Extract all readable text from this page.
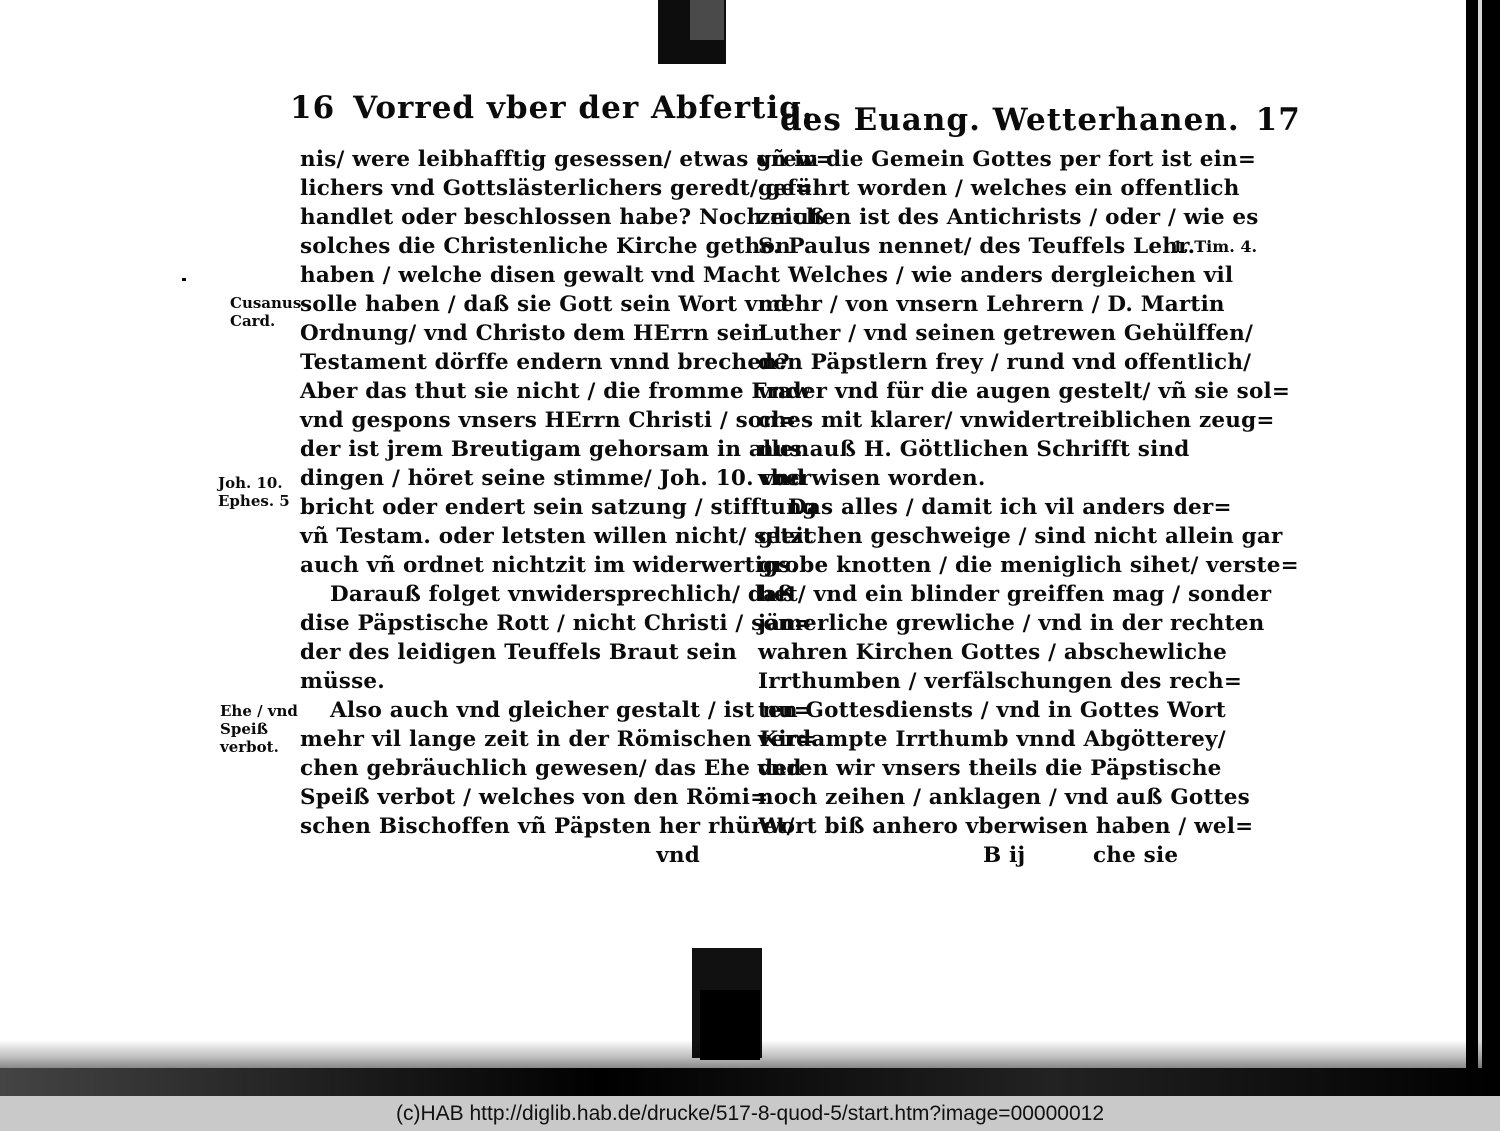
16 Vorred vber der Abfertig.
Cusanus
Card.
Joh. 10.
Ephes. 5
Ehe / vnd
Speiß
verbot.
nis/ were leibhafftig gesessen/ etwas grew=
lichers vnd Gottslästerlichers geredt/ ge=
handlet oder beschlossen habe? Noch muß
solches die Christenliche Kirche gethon
haben / welche disen gewalt vnd Macht
solle haben / daß sie Gott sein Wort vnd
Ordnung/ vnd Christo dem HErrn sein
Testament dörffe endern vnnd brechen?
Aber das thut sie nicht / die fromme Fraw
vnd gespons vnsers HErrn Christi / son=
der ist jrem Breutigam gehorsam in allen
dingen / höret seine stimme/ Joh. 10. vnd
bricht oder endert sein satzung / stifftung
vñ Testam. oder letsten willen nicht/ setzt
auch vñ ordnet nichtzit im widerwertigs.
Darauß folget vnwidersprechlich/ daß
dise Päpstische Rott / nicht Christi / son=
der des leidigen Teuffels Braut sein
müsse.
Also auch vnd gleicher gestalt / ist nu=
mehr vil lange zeit in der Römischen Kir=
chen gebräuchlich gewesen/ das Ehe vnd
Speiß verbot / welches von den Römi=
schen Bischoffen vñ Päpsten her rhüret/
vnd
des Euang. Wetterhanen. 17
1. Tim. 4.
vñ in die Gemein Gottes per fort ist ein=
geführt worden / welches ein offentlich
zeichen ist des Antichrists / oder / wie es
S. Paulus nennet/ des Teuffels Lehr.
Welches / wie anders dergleichen vil
mehr / von vnsern Lehrern / D. Martin
Luther / vnd seinen getrewen Gehülffen/
den Päpstlern frey / rund vnd offentlich/
vnder vnd für die augen gestelt/ vñ sie sol=
ches mit klarer/ vnwidertreiblichen zeug=
nus auß H. Göttlichen Schrifft sind
vberwisen worden.
Das alles / damit ich vil anders der=
gleichen geschweige / sind nicht allein gar
grobe knotten / die meniglich sihet/ verste=
het/ vnd ein blinder greiffen mag / sonder
jämerliche grewliche / vnd in der rechten
wahren Kirchen Gottes / abschewliche
Irrthumben / verfälschungen des rech=
ten Gottesdiensts / vnd in Gottes Wort
verdampte Irrthumb vnnd Abgötterey/
deren wir vnsers theils die Päpstische
noch zeihen / anklagen / vnd auß Gottes
Wort biß anhero vberwisen haben / wel=
B ij	che sie
(c)HAB http://diglib.hab.de/drucke/517-8-quod-5/start.htm?image=00000012
